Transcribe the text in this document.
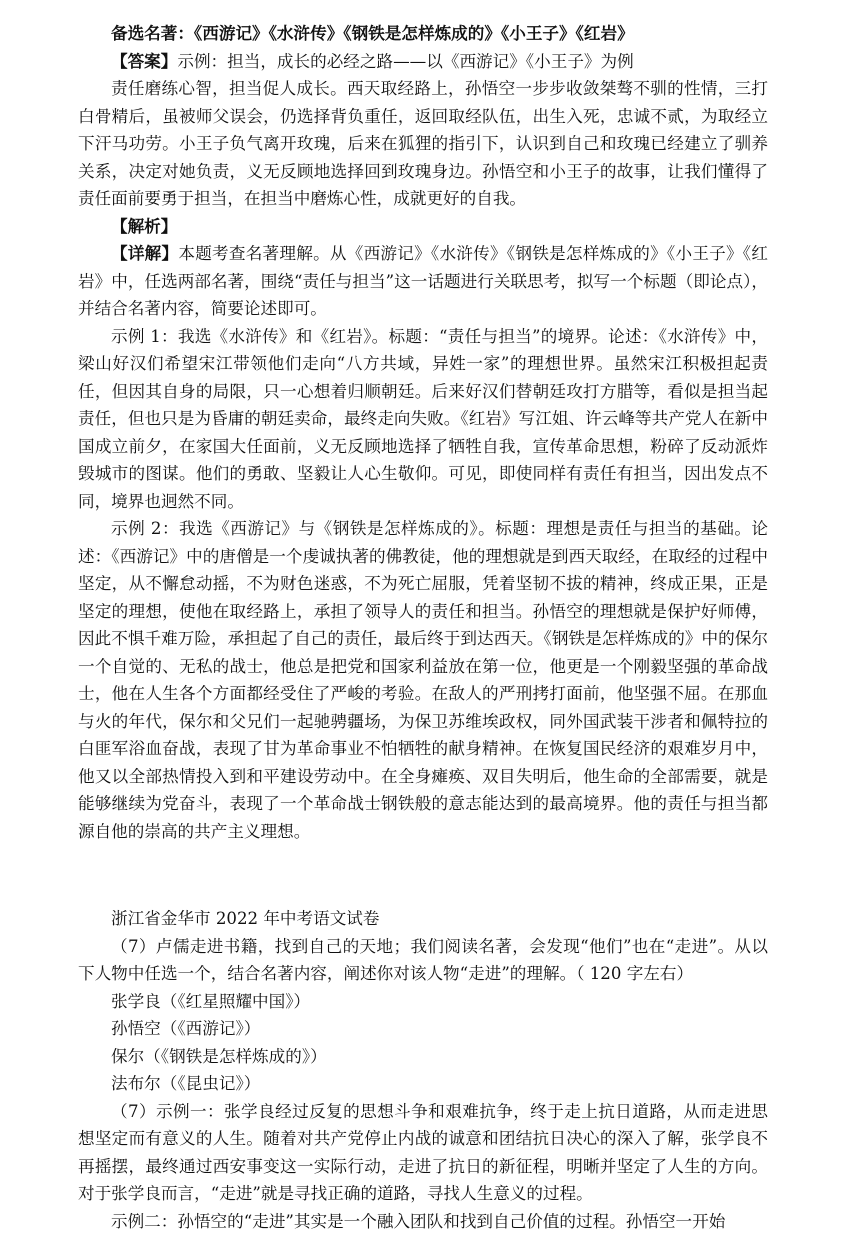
备选名著：《西游记》《水浒传》《钢铁是怎样炼成的》《小王子》《红岩》

【答案】示例：担当，成长的必经之路——以《西游记》《小王子》为例

责任磨练心智，担当促人成长。西天取经路上，孙悟空一步步收敛桀骜不驯的性情，三打白骨精后，虽被师父误会，仍选择背负重任，返回取经队伍，出生入死，忠诚不贰，为取经立下汗马功劳。小王子负气离开玫瑰，后来在狐狸的指引下，认识到自己和玫瑰已经建立了驯养关系，决定对她负责，义无反顾地选择回到玫瑰身边。孙悟空和小王子的故事，让我们懂得了责任面前要勇于担当，在担当中磨炼心性，成就更好的自我。

【解析】

【详解】本题考查名著理解。从《西游记》《水浒传》《钢铁是怎样炼成的》《小王子》《红岩》中，任选两部名著，围绕“责任与担当”这一话题进行关联思考，拟写一个标题（即论点），并结合名著内容，简要论述即可。

示例 1：我选《水浒传》和《红岩》。标题：“责任与担当”的境界。论述：《水浒传》中，梁山好汉们希望宋江带领他们走向“八方共域，异姓一家”的理想世界。虽然宋江积极担起责任，但因其自身的局限，只一心想着归顺朝廷。后来好汉们替朝廷攻打方腊等，看似是担当起责任，但也只是为昏庸的朝廷卖命，最终走向失败。《红岩》写江姐、许云峰等共产党人在新中国成立前夕，在家国大任面前，义无反顾地选择了牺牲自我，宣传革命思想，粉碎了反动派炸毁城市的图谋。他们的勇敢、坚毅让人心生敬仰。可见，即使同样有责任有担当，因出发点不同，境界也迥然不同。

示例 2：我选《西游记》与《钢铁是怎样炼成的》。标题：理想是责任与担当的基础。论述：《西游记》中的唐僧是一个虔诚执著的佛教徒，他的理想就是到西天取经，在取经的过程中坚定，从不懈怠动摇，不为财色迷惑，不为死亡屈服，凭着坚韧不拔的精神，终成正果，正是坚定的理想，使他在取经路上，承担了领导人的责任和担当。孙悟空的理想就是保护好师傅，因此不惧千难万险，承担起了自己的责任，最后终于到达西天。《钢铁是怎样炼成的》中的保尔一个自觉的、无私的战士，他总是把党和国家利益放在第一位，他更是一个刚毅坚强的革命战士，他在人生各个方面都经受住了严峻的考验。在敌人的严刑拷打面前，他坚强不屈。在那血与火的年代，保尔和父兄们一起驰骋疆场，为保卫苏维埃政权，同外国武装干涉者和佩特拉的白匪军浴血奋战，表现了甘为革命事业不怕牺牲的献身精神。在恢复国民经济的艰难岁月中，他又以全部热情投入到和平建设劳动中。在全身瘫痪、双目失明后，他生命的全部需要，就是能够继续为党奋斗，表现了一个革命战士钢铁般的意志能达到的最高境界。他的责任与担当都源自他的崇高的共产主义理想。

浙江省金华市 2022 年中考语文试卷

（7）卢儒走进书籍，找到自己的天地；我们阅读名著，会发现“他们”也在“走进”。从以下人物中任选一个，结合名著内容，阐述你对该人物“走进”的理解。（ 120 字左右）

张学良（《红星照耀中国》）

孙悟空（《西游记》）

保尔（《钢铁是怎样炼成的》）

法布尔（《昆虫记》）

（7）示例一：张学良经过反复的思想斗争和艰难抗争，终于走上抗日道路，从而走进思想坚定而有意义的人生。随着对共产党停止内战的诚意和团结抗日决心的深入了解，张学良不再摇摆，最终通过西安事变这一实际行动，走进了抗日的新征程，明晰并坚定了人生的方向。对于张学良而言，“走进”就是寻找正确的道路，寻找人生意义的过程。

示例二：孙悟空的“走进”其实是一个融入团队和找到自己价值的过程。孙悟空一开始
